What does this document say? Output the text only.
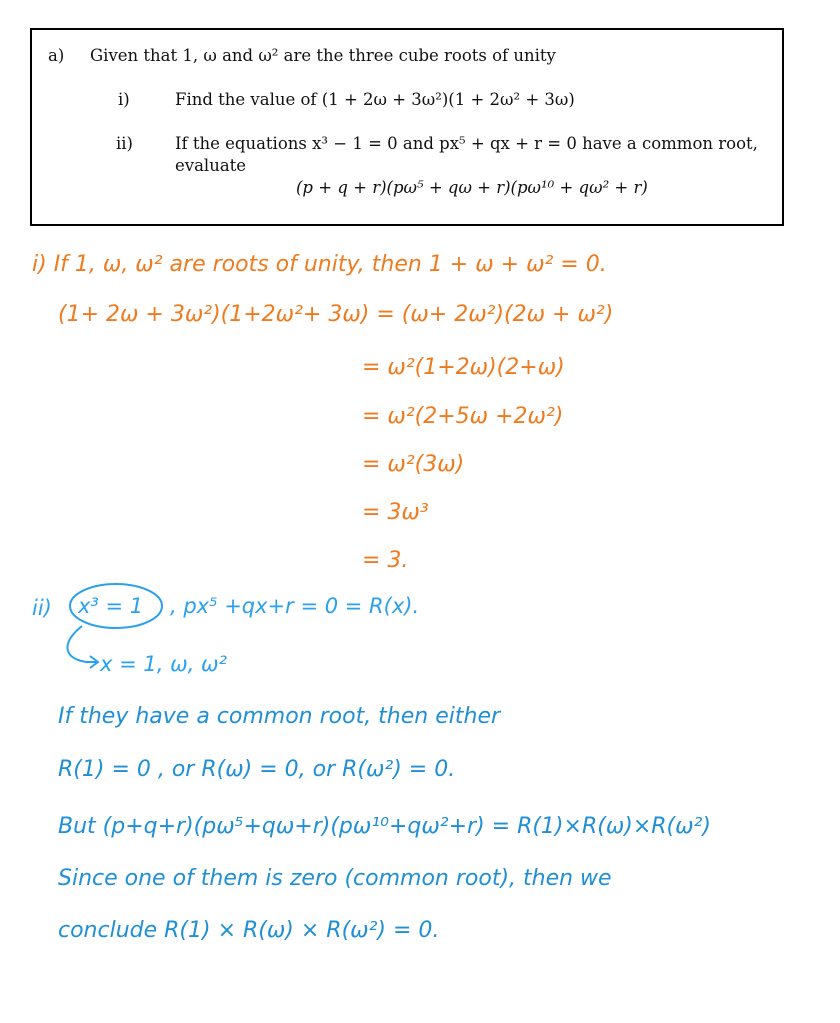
a) Given that 1, ω and ω² are the three cube roots of unity
i)	Find the value of (1 + 2ω + 3ω²)(1 + 2ω² + 3ω)
ii)	If the equations x³ − 1 = 0 and px⁵ + qx + r = 0 have a common root,
evaluate
(p + q + r)(pω⁵ + qω + r)(pω¹⁰ + qω² + r)
i) If 1, ω, ω² are roots of unity, then 1 + ω + ω² = 0.
(1+ 2ω + 3ω²)(1+2ω²+ 3ω) = (ω+ 2ω²)(2ω + ω²)
= ω²(1+2ω)(2+ω)
= ω²(2+5ω +2ω²)
= ω²(3ω)
= 3ω³
= 3.
ii) x³ = 1 , px⁵ +qx+r = 0 = R(x).
x = 1, ω, ω²
If they have a common root, then either
R(1) = 0 , or R(ω) = 0, or R(ω²) = 0.
But (p+q+r)(pω⁵+qω+r)(pω¹⁰+qω²+r) = R(1)×R(ω)×R(ω²)
Since one of them is zero (common root), then we
conclude R(1) × R(ω) × R(ω²) = 0.
